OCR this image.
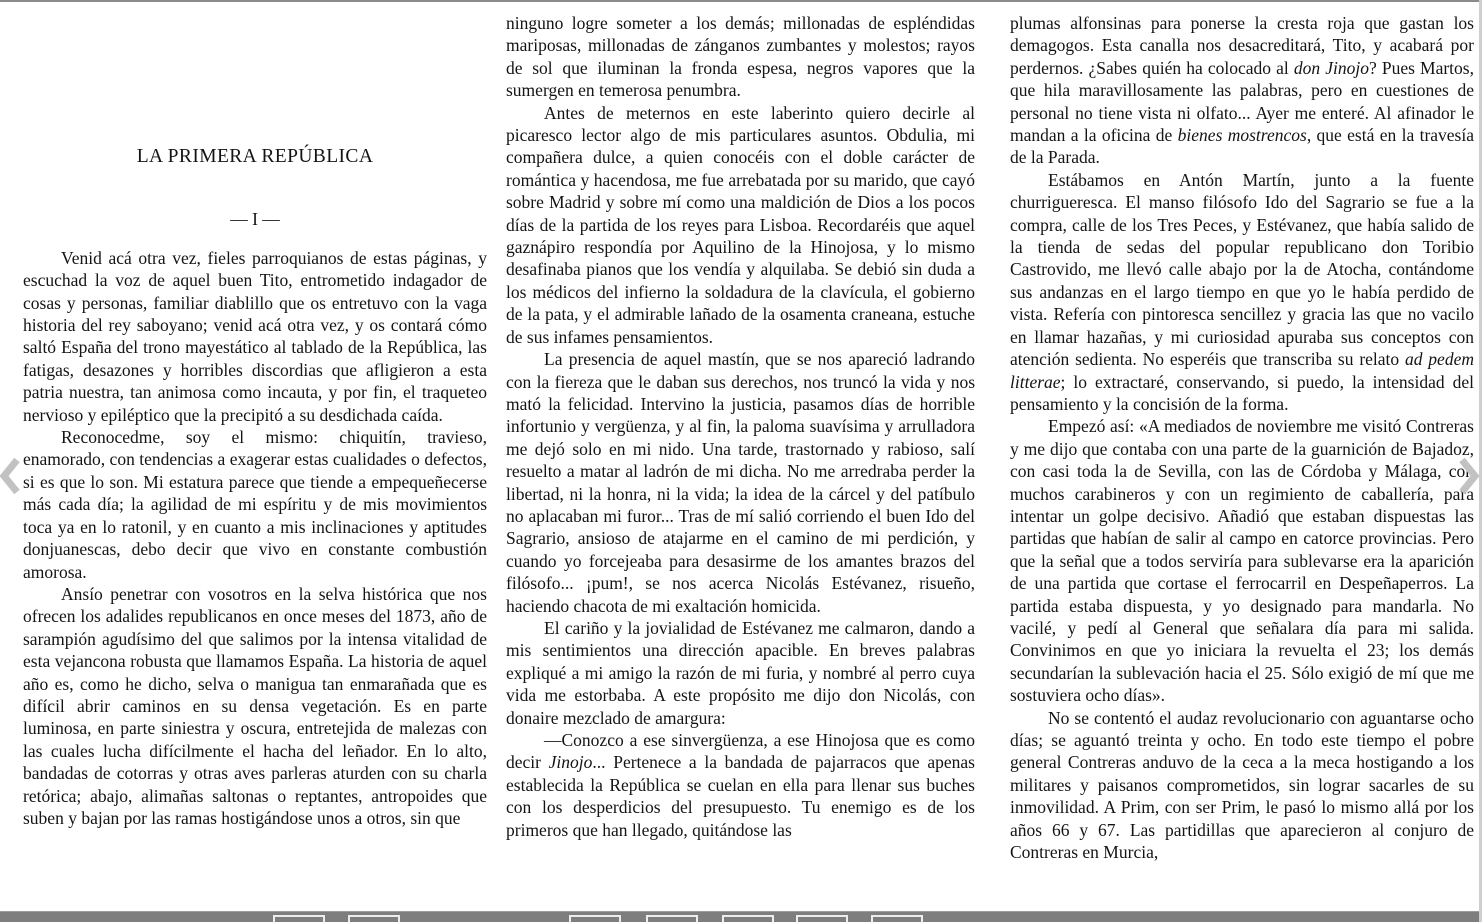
LA PRIMERA REPÚBLICA
— I —

Venid acá otra vez, fieles parroquianos de estas páginas, y escuchad la voz de aquel buen Tito, entrometido indagador de cosas y personas, familiar diablillo que os entretuvo con la vaga historia del rey saboyano; venid acá otra vez, y os contará cómo saltó España del trono mayestático al tablado de la República, las fatigas, desazones y horribles discordias que afligieron a esta patria nuestra, tan animosa como incauta, y por fin, el traqueteo nervioso y epiléptico que la precipitó a su desdichada caída.

Reconocedme, soy el mismo: chiquitín, travieso, enamorado, con tendencias a exagerar estas cualidades o defectos, si es que lo son. Mi estatura parece que tiende a empequeñecerse más cada día; la agilidad de mi espíritu y de mis movimientos toca ya en lo ratonil, y en cuanto a mis inclinaciones y aptitudes donjuanescas, debo decir que vivo en constante combustión amorosa.

Ansío penetrar con vosotros en la selva histórica que nos ofrecen los adalides republicanos en once meses del 1873, año de sarampión agudísimo del que salimos por la intensa vitalidad de esta vejancona robusta que llamamos España. La historia de aquel año es, como he dicho, selva o manigua tan enmarañada que es difícil abrir caminos en su densa vegetación. Es en parte luminosa, en parte siniestra y oscura, entretejida de malezas con las cuales lucha difícilmente el hacha del leñador. En lo alto, bandadas de cotorras y otras aves parleras aturden con su charla retórica; abajo, alimañas saltonas o reptantes, antropoides que suben y bajan por las ramas hostigándose unos a otros, sin que

ninguno logre someter a los demás; millonadas de espléndidas mariposas, millonadas de zánganos zumbantes y molestos; rayos de sol que iluminan la fronda espesa, negros vapores que la sumergen en temerosa penumbra.

Antes de meternos en este laberinto quiero decirle al picaresco lector algo de mis particulares asuntos. Obdulia, mi compañera dulce, a quien conocéis con el doble carácter de romántica y hacendosa, me fue arrebatada por su marido, que cayó sobre Madrid y sobre mí como una maldición de Dios a los pocos días de la partida de los reyes para Lisboa. Recordaréis que aquel gaznápiro respondía por Aquilino de la Hinojosa, y lo mismo desafinaba pianos que los vendía y alquilaba. Se debió sin duda a los médicos del infierno la soldadura de la clavícula, el gobierno de la pata, y el admirable lañado de la osamenta craneana, estuche de sus infames pensamientos.

La presencia de aquel mastín, que se nos apareció ladrando con la fiereza que le daban sus derechos, nos truncó la vida y nos mató la felicidad. Intervino la justicia, pasamos días de horrible infortunio y vergüenza, y al fin, la paloma suavísima y arrulladora me dejó solo en mi nido. Una tarde, trastornado y rabioso, salí resuelto a matar al ladrón de mi dicha. No me arredraba perder la libertad, ni la honra, ni la vida; la idea de la cárcel y del patíbulo no aplacaban mi furor... Tras de mí salió corriendo el buen Ido del Sagrario, ansioso de atajarme en el camino de mi perdición, y cuando yo forcejeaba para desasirme de los amantes brazos del filósofo... ¡pum!, se nos acerca Nicolás Estévanez, risueño, haciendo chacota de mi exaltación homicida.

El cariño y la jovialidad de Estévanez me calmaron, dando a mis sentimientos una dirección apacible. En breves palabras expliqué a mi amigo la razón de mi furia, y nombré al perro cuya vida me estorbaba. A este propósito me dijo don Nicolás, con donaire mezclado de amargura:

—Conozco a ese sinvergüenza, a ese Hinojosa que es como decir Jinojo... Pertenece a la bandada de pajarracos que apenas establecida la República se cuelan en ella para llenar sus buches con los desperdicios del presupuesto. Tu enemigo es de los primeros que han llegado, quitándose las

plumas alfonsinas para ponerse la cresta roja que gastan los demagogos. Esta canalla nos desacreditará, Tito, y acabará por perdernos. ¿Sabes quién ha colocado al don Jinojo? Pues Martos, que hila maravillosamente las palabras, pero en cuestiones de personal no tiene vista ni olfato... Ayer me enteré. Al afinador le mandan a la oficina de bienes mostrencos, que está en la travesía de la Parada.

Estábamos en Antón Martín, junto a la fuente churrigueresca. El manso filósofo Ido del Sagrario se fue a la compra, calle de los Tres Peces, y Estévanez, que había salido de la tienda de sedas del popular republicano don Toribio Castrovido, me llevó calle abajo por la de Atocha, contándome sus andanzas en el largo tiempo en que yo le había perdido de vista. Refería con pintoresca sencillez y gracia las que no vacilo en llamar hazañas, y mi curiosidad apuraba sus conceptos con atención sedienta. No esperéis que transcriba su relato ad pedem litterae; lo extractaré, conservando, si puedo, la intensidad del pensamiento y la concisión de la forma.

Empezó así: «A mediados de noviembre me visitó Contreras y me dijo que contaba con una parte de la guarnición de Bajadoz, con casi toda la de Sevilla, con las de Córdoba y Málaga, con muchos carabineros y con un regimiento de caballería, para intentar un golpe decisivo. Añadió que estaban dispuestas las partidas que habían de salir al campo en catorce provincias. Pero que la señal que a todos serviría para sublevarse era la aparición de una partida que cortase el ferrocarril en Despeñaperros. La partida estaba dispuesta, y yo designado para mandarla. No vacilé, y pedí al General que señalara día para mi salida. Convinimos en que yo iniciara la revuelta el 23; los demás secundarían la sublevación hacia el 25. Sólo exigió de mí que me sostuviera ocho días».

No se contentó el audaz revolucionario con aguantarse ocho días; se aguantó treinta y ocho. En todo este tiempo el pobre general Contreras anduvo de la ceca a la meca hostigando a los militares y paisanos comprometidos, sin lograr sacarles de su inmovilidad. A Prim, con ser Prim, le pasó lo mismo allá por los años 66 y 67. Las partidillas que aparecieron al conjuro de Contreras en Murcia,
